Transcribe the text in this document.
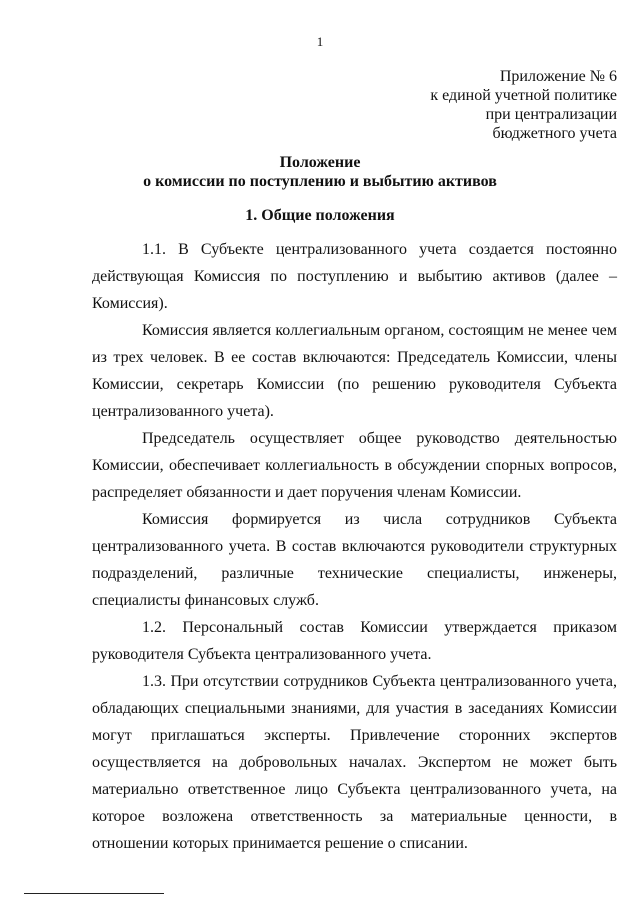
1
Приложение № 6
к единой учетной политике
при централизации
бюджетного учета
Положение
о комиссии по поступлению и выбытию активов
1. Общие положения

1.1. В Субъекте централизованного учета создается постоянно действующая Комиссия по поступлению и выбытию активов (далее – Комиссия).

Комиссия является коллегиальным органом, состоящим не менее чем из трех человек. В ее состав включаются: Председатель Комиссии, члены Комиссии, секретарь Комиссии (по решению руководителя Субъекта централизованного учета).

Председатель осуществляет общее руководство деятельностью Комиссии, обеспечивает коллегиальность в обсуждении спорных вопросов, распределяет обязанности и дает поручения членам Комиссии.

Комиссия формируется из числа сотрудников Субъекта централизованного учета. В состав включаются руководители структурных подразделений, различные технические специалисты, инженеры, специалисты финансовых служб.

1.2. Персональный состав Комиссии утверждается приказом руководителя Субъекта централизованного учета.

1.3. При отсутствии сотрудников Субъекта централизованного учета, обладающих специальными знаниями, для участия в заседаниях Комиссии могут приглашаться эксперты. Привлечение сторонних экспертов осуществляется на добровольных началах. Экспертом не может быть материально ответственное лицо Субъекта централизованного учета, на которое возложена ответственность за материальные ценности, в отношении которых принимается решение о списании.
